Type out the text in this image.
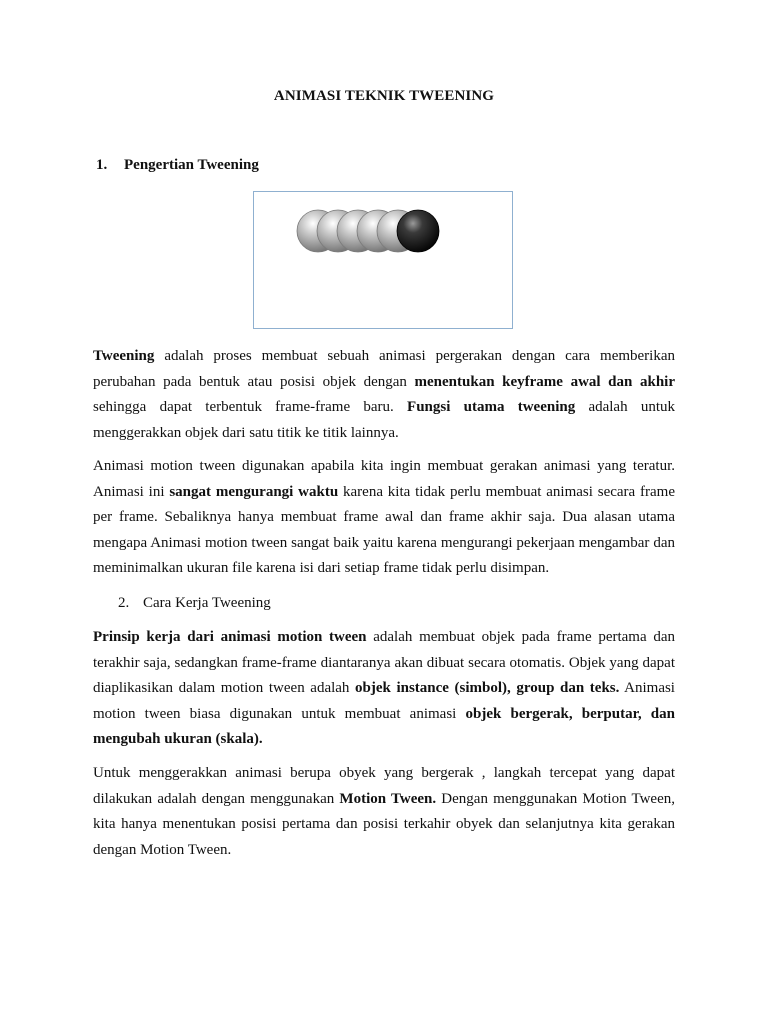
ANIMASI TEKNIK TWEENING
1. Pengertian Tweening

Tweening adalah proses membuat sebuah animasi pergerakan dengan cara memberikan perubahan pada bentuk atau posisi objek dengan menentukan keyframe awal dan akhir sehingga dapat terbentuk frame-frame baru. Fungsi utama tweening adalah untuk menggerakkan objek dari satu titik ke titik lainnya.

Animasi motion tween digunakan apabila kita ingin membuat gerakan animasi yang teratur. Animasi ini sangat mengurangi waktu karena kita tidak perlu membuat animasi secara frame per frame. Sebaliknya hanya membuat frame awal dan frame akhir saja. Dua alasan utama mengapa Animasi motion tween sangat baik yaitu karena mengurangi pekerjaan mengambar dan meminimalkan ukuran file karena isi dari setiap frame tidak perlu disimpan.

2. Cara Kerja Tweening

Prinsip kerja dari animasi motion tween adalah membuat objek pada frame pertama dan terakhir saja, sedangkan frame-frame diantaranya akan dibuat secara otomatis. Objek yang dapat diaplikasikan dalam motion tween adalah objek instance (simbol), group dan teks. Animasi motion tween biasa digunakan untuk membuat animasi objek bergerak, berputar, dan mengubah ukuran (skala).

Untuk menggerakkan animasi berupa obyek yang bergerak , langkah tercepat yang dapat dilakukan adalah dengan menggunakan Motion Tween. Dengan menggunakan Motion Tween, kita hanya menentukan posisi pertama dan posisi terkahir obyek dan selanjutnya kita gerakan dengan Motion Tween.
